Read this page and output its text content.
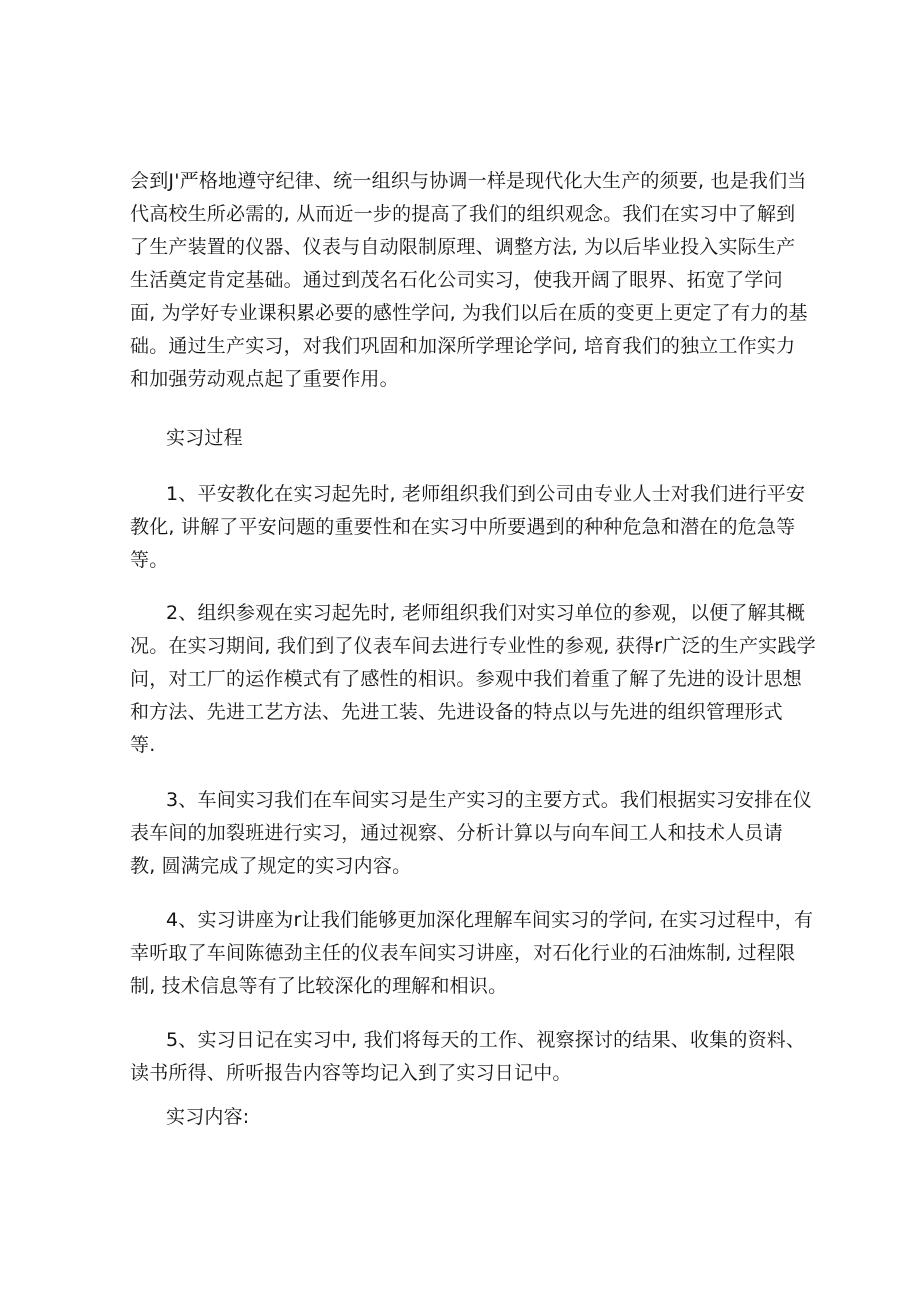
会到J'严格地遵守纪律、统一组织与协调一样是现代化大生产的须要, 也是我们当
代高校生所必需的, 从而近一步的提高了我们的组织观念。我们在实习中了解到
了生产装置的仪器、仪表与自动限制原理、调整方法, 为以后毕业投入实际生产
生活奠定肯定基础。通过到茂名石化公司实习，使我开阔了眼界、拓宽了学问
面, 为学好专业课积累必要的感性学问, 为我们以后在质的变更上更定了有力的基
础。通过生产实习，对我们巩固和加深所学理论学问, 培育我们的独立工作实力
和加强劳动观点起了重要作用。
实习过程
1、平安教化在实习起先时, 老师组织我们到公司由专业人士对我们进行平安
教化, 讲解了平安问题的重要性和在实习中所要遇到的种种危急和潜在的危急等
等。
2、组织参观在实习起先时, 老师组织我们对实习单位的参观，以便了解其概
况。在实习期间, 我们到了仪表车间去进行专业性的参观, 获得r广泛的生产实践学
问，对工厂的运作模式有了感性的相识。参观中我们着重了解了先进的设计思想
和方法、先进工艺方法、先进工装、先进设备的特点以与先进的组织管理形式
等.
3、车间实习我们在车间实习是生产实习的主要方式。我们根据实习安排在仪
表车间的加裂班进行实习，通过视察、分析计算以与向车间工人和技术人员请
教, 圆满完成了规定的实习内容。
4、实习讲座为r让我们能够更加深化理解车间实习的学问, 在实习过程中，有
幸听取了车间陈德劲主任的仪表车间实习讲座，对石化行业的石油炼制, 过程限
制, 技术信息等有了比较深化的理解和相识。
5、实习日记在实习中, 我们将每天的工作、视察探讨的结果、收集的资料、
读书所得、所听报告内容等均记入到了实习日记中。
实习内容:
